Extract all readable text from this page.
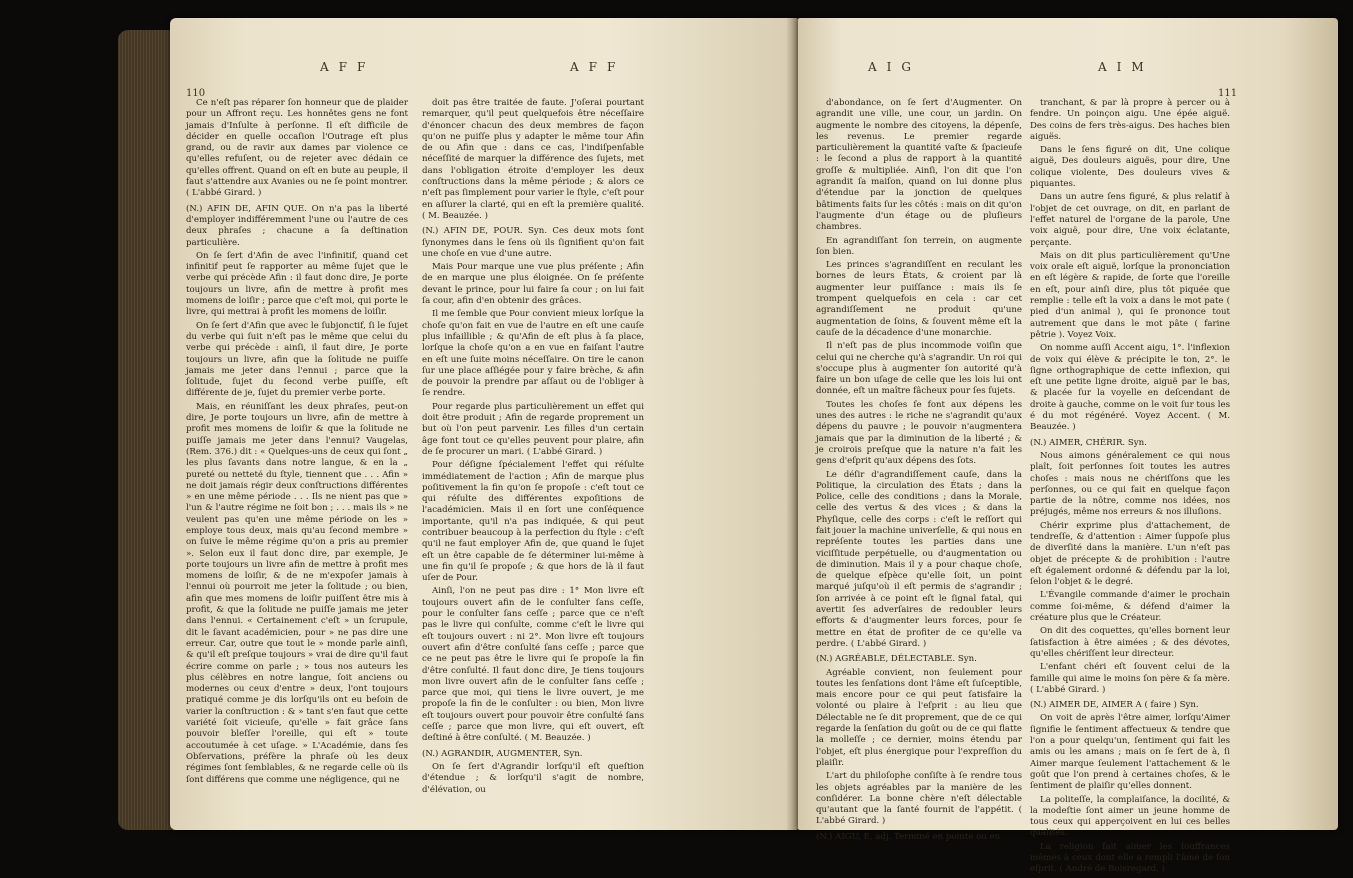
110
AFF	AFF

Ce n'eſt pas réparer ſon honneur que de plaider pour un Affront reçu. Les honnêtes gens ne font jamais d'Inſulte à perſonne. Il eſt difficile de décider en quelle occaſion l'Outrage eſt plus grand, ou de ravir aux dames par violence ce qu'elles refuſent, ou de rejeter avec dédain ce qu'elles offrent. Quand on eſt en bute au peuple, il faut s'attendre aux Avanies ou ne ſe point montrer. ( L'abbé Girard. )

(N.) AFIN DE, AFIN QUE. On n'a pas la liberté d'employer indifféremment l'une ou l'autre de ces deux phraſes ; chacune a ſa deſtination particulière.

On ſe ſert d'Afin de avec l'infinitif, quand cet infinitif peut ſe rapporter au même ſujet que le verbe qui précède Afin : il faut donc dire, Je porte toujours un livre, afin de mettre à profit mes momens de loiſir ; parce que c'eſt moi, qui porte le livre, qui mettrai à profit les momens de loiſir.

On ſe ſert d'Afin que avec le ſubjonctif, ſi le ſujet du verbe qui ſuit n'eſt pas le même que celui du verbe qui précède : ainſi, il faut dire, Je porte toujours un livre, afin que la ſolitude ne puiſſe jamais me jeter dans l'ennui ; parce que la ſolitude, ſujet du ſecond verbe puiſſe, eſt différente de je, ſujet du premier verbe porte.

Mais, en réuniſſant les deux phraſes, peut-on dire, Je porte toujours un livre, afin de mettre à profit mes momens de loiſir & que la ſolitude ne puiſſe jamais me jeter dans l'ennui? Vaugelas, (Rem. 376.) dit : « Quelques-uns de ceux qui ſont „ les plus ſavants dans notre langue, & en la „ pureté ou netteté du ſtyle, tiennent que . . . Afin » ne doit jamais régir deux conſtructions différentes » en une même période . . . Ils ne nient pas que » l'un & l'autre régime ne ſoit bon ; . . . mais ils » ne veulent pas qu'en une même période on les » employe tous deux, mais qu'au ſecond membre » on ſuive le même régime qu'on a pris au premier ». Selon eux il faut donc dire, par exemple, Je porte toujours un livre afin de mettre à profit mes momens de loiſir, & de ne m'expoſer jamais à l'ennui où pourroit me jeter la ſolitude ; ou bien, afin que mes momens de loiſir puiſſent être mis à profit, & que la ſolitude ne puiſſe jamais me jeter dans l'ennui. « Certainement c'eſt » un ſcrupule, dit le ſavant académicien, pour » ne pas dire une erreur. Car, outre que tout le » monde parle ainſi, & qu'il eſt preſque toujours » vrai de dire qu'il faut écrire comme on parle ; » tous nos auteurs les plus célèbres en notre langue, ſoit anciens ou modernes ou ceux d'entre » deux, l'ont toujours pratiqué comme je dis lorſqu'ils ont eu beſoin de varier la conſtruction : & » tant s'en faut que cette variété ſoit vicieuſe, qu'elle » fait grâce ſans pouvoir bleſſer l'oreille, qui eſt » toute accoutumée à cet uſage. » L'Académie, dans ſes Obſervations, préfère la phraſe où les deux régimes ſont ſemblables, & ne regarde celle où ils ſont différens que comme une négligence, qui ne

doit pas être traitée de faute. J'oſerai pourtant remarquer, qu'il peut quelquefois être néceſſaire d'énoncer chacun des deux membres de façon qu'on ne puiſſe plus y adapter le même tour Afin de ou Afin que : dans ce cas, l'indiſpenſable néceſſité de marquer la différence des ſujets, met dans l'obligation étroite d'employer les deux conſtructions dans la même période ; & alors ce n'eſt pas ſimplement pour varier le ſtyle, c'eſt pour en aſſurer la clarté, qui en eſt la première qualité. ( M. Beauzée. )

(N.) AFIN DE, POUR. Syn. Ces deux mots ſont ſynonymes dans le ſens où ils ſignifient qu'on fait une choſe en vue d'une autre.

Mais Pour marque une vue plus préſente ; Afin de en marque une plus éloignée. On ſe préſente devant le prince, pour lui faire ſa cour ; on lui fait ſa cour, afin d'en obtenir des grâces.

Il me ſemble que Pour convient mieux lorſque la choſe qu'on fait en vue de l'autre en eſt une cauſe plus infaillible ; & qu'Afin de eſt plus à ſa place, lorſque la choſe qu'on a en vue en faiſant l'autre en eſt une ſuite moins néceſſaire. On tire le canon ſur une place aſſiégée pour y faire brèche, & afin de pouvoir la prendre par aſſaut ou de l'obliger à ſe rendre.

Pour regarde plus particulièrement un effet qui doit être produit ; Afin de regarde proprement un but où l'on peut parvenir. Les filles d'un certain âge font tout ce qu'elles peuvent pour plaire, afin de ſe procurer un mari. ( L'abbé Girard. )

Pour déſigne ſpécialement l'effet qui réſulte immédiatement de l'action ; Afin de marque plus poſitivement la fin qu'on ſe propoſe : c'eſt tout ce qui réſulte des différentes expoſitions de l'académicien. Mais il en ſort une conſéquence importante, qu'il n'a pas indiquée, & qui peut contribuer beaucoup à la perfection du ſtyle : c'eſt qu'il ne faut employer Afin de, que quand le ſujet eſt un être capable de ſe déterminer lui-même à une fin qu'il ſe propoſe ; & que hors de là il faut uſer de Pour.

Ainſi, l'on ne peut pas dire : 1° Mon livre eſt toujours ouvert afin de le conſulter ſans ceſſe, pour le conſulter ſans ceſſe ; parce que ce n'eſt pas le livre qui conſulte, comme c'eſt le livre qui eſt toujours ouvert : ni 2°. Mon livre eſt toujours ouvert afin d'être conſulté ſans ceſſe ; parce que ce ne peut pas être le livre qui ſe propoſe la fin d'être conſulté. Il faut donc dire, Je tiens toujours mon livre ouvert afin de le conſulter ſans ceſſe ; parce que moi, qui tiens le livre ouvert, je me propoſe la fin de le conſulter : ou bien, Mon livre eſt toujours ouvert pour pouvoir être conſulté ſans ceſſe ; parce que mon livre, qui eſt ouvert, eſt deſtiné à être conſulté. ( M. Beauzée. )

(N.) AGRANDIR, AUGMENTER, Syn.

On ſe ſert d'Agrandir lorſqu'il eſt queſtion d'étendue ; & lorſqu'il s'agit de nombre, d'élévation, ou

AIG	AIM
111

d'abondance, on ſe ſert d'Augmenter. On agrandit une ville, une cour, un jardin. On augmente le nombre des citoyens, la dépenſe, les revenus. Le premier regarde particulièrement la quantité vaſte & ſpacieuſe : le ſecond a plus de rapport à la quantité groſſe & multipliée. Ainſi, l'on dit que l'on agrandit ſa maiſon, quand on lui donne plus d'étendue par la jonction de quelques bâtiments faits ſur les côtés : mais on dit qu'on l'augmente d'un étage ou de pluſieurs chambres.

En agrandiſſant ſon terrein, on augmente ſon bien.

Les princes s'agrandiſſent en reculant les bornes de leurs États, & croient par là augmenter leur puiſſance : mais ils ſe trompent quelquefois en cela : car cet agrandiſſement ne produit qu'une augmentation de ſoins, & ſouvent même eſt la cauſe de la décadence d'une monarchie.

Il n'eſt pas de plus incommode voiſin que celui qui ne cherche qu'à s'agrandir. Un roi qui s'occupe plus à augmenter ſon autorité qu'à faire un bon uſage de celle que les lois lui ont donnée, eſt un maître fâcheux pour ſes ſujets.

Toutes les choſes ſe font aux dépens les unes des autres : le riche ne s'agrandit qu'aux dépens du pauvre ; le pouvoir n'augmentera jamais que par la diminution de la liberté ; & je croirois preſque que la nature n'a fait les gens d'eſprit qu'aux dépens des ſots.

Le déſir d'agrandiſſement cauſe, dans la Politique, la circulation des États ; dans la Police, celle des conditions ; dans la Morale, celle des vertus & des vices ; & dans la Phyſique, celle des corps : c'eſt le reſſort qui fait jouer la machine univerſelle, & qui nous en repréſente toutes les parties dans une viciſſitude perpétuelle, ou d'augmentation ou de diminution. Mais il y a pour chaque choſe, de quelque eſpèce qu'elle ſoit, un point marqué juſqu'où il eſt permis de s'agrandir ; ſon arrivée à ce point eſt le ſignal fatal, qui avertit ſes adverſaires de redoubler leurs efforts & d'augmenter leurs forces, pour ſe mettre en état de profiter de ce qu'elle va perdre. ( L'abbé Girard. )

(N.) AGRÉABLE, DÉLECTABLE. Syn.

Agréable convient, non ſeulement pour toutes les ſenſations dont l'âme eſt ſuſceptible, mais encore pour ce qui peut ſatisfaire la volonté ou plaire à l'eſprit : au lieu que Délectable ne ſe dit proprement, que de ce qui regarde la ſenſation du goût ou de ce qui flatte la molleſſe ; ce dernier, moins étendu par l'objet, eſt plus énergique pour l'expreſſion du plaiſir.

L'art du philoſophe conſiſte à ſe rendre tous les objets agréables par la manière de les conſidérer. La bonne chère n'eſt délectable qu'autant que la ſanté fournit de l'appétit. ( L'abbé Girard. )

(N.) AIGU, E, adj. Terminé en pointe ou en

tranchant, & par là propre à percer ou à fendre. Un poinçon aigu. Une épée aiguë. Des coins de fers très-aigus. Des haches bien aiguës.

Dans le ſens figuré on dit, Une colique aiguë, Des douleurs aiguës, pour dire, Une colique violente, Des douleurs vives & piquantes.

Dans un autre ſens figuré, & plus relatif à l'objet de cet ouvrage, on dit, en parlant de l'effet naturel de l'organe de la parole, Une voix aiguë, pour dire, Une voix éclatante, perçante.

Mais on dit plus particulièrement qu'Une voix orale eſt aiguë, lorſque la prononciation en eſt légère & rapide, de ſorte que l'oreille en eſt, pour ainſi dire, plus tôt piquée que remplie : telle eſt la voix a dans le mot pate ( pied d'un animal ), qui ſe prononce tout autrement que dans le mot pâte ( farine pêtrie ). Voyez Voix.

On nomme auſſi Accent aigu, 1°. l'inflexion de voix qui élève & précipite le ton, 2°. le ſigne orthographique de cette inflexion, qui eſt une petite ligne droite, aiguë par le bas, & placée ſur la voyelle en deſcendant de droite à gauche, comme on le voit ſur tous les é du mot régénéré. Voyez Accent. ( M. Beauzée. )

(N.) AIMER, CHÉRIR. Syn.

Nous aimons généralement ce qui nous plaît, ſoit perſonnes ſoit toutes les autres choſes : mais nous ne chériſſons que les perſonnes, ou ce qui fait en quelque façon partie de la nôtre, comme nos idées, nos préjugés, même nos erreurs & nos illuſions.

Chérir exprime plus d'attachement, de tendreſſe, & d'attention : Aimer ſuppoſe plus de diverſité dans la manière. L'un n'eſt pas objet de précepte & de prohibition : l'autre eſt également ordonné & défendu par la loi, ſelon l'objet & le degré.

L'Évangile commande d'aimer le prochain comme ſoi-même, & défend d'aimer la créature plus que le Créateur.

On dit des coquettes, qu'elles bornent leur ſatisfaction à être aimées ; & des dévotes, qu'elles chériſſent leur directeur.

L'enfant chéri eſt ſouvent celui de la famille qui aime le moins ſon père & ſa mère. ( L'abbé Girard. )

(N.) AIMER DE, AIMER A ( faire ) Syn.

On voit de après l'être aimer, lorſqu'Aimer ſignifie le ſentiment affectueux & tendre que l'on a pour quelqu'un, ſentiment qui fait les amis ou les amans ; mais on ſe ſert de à, ſi Aimer marque ſeulement l'attachement & le goût que l'on prend à certaines choſes, & le ſentiment de plaiſir qu'elles donnent.

La politeſſe, la complaiſance, la docilité, & la modeſtie ſont aimer un jeune homme de tous ceux qui apperçoivent en lui ces belles qualités.

La religion fait aimer les ſouffrances mêmes à ceux dont elle a rempli l'âme de ſon eſprit. ( André de Boisregard. )
